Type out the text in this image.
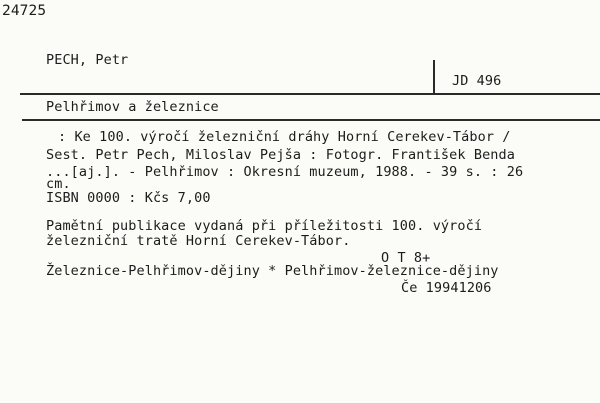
24725
PECH, Petr
JD 496
Pelhřimov a železnice
: Ke 100. výročí železniční dráhy Horní Cerekev-Tábor /
Sest. Petr Pech, Miloslav Pejša : Fotogr. František Benda
...[aj.]. - Pelhřimov : Okresní muzeum, 1988. - 39 s. : 26
cm.
ISBN 0000 : Kčs 7,00
Pamětní publikace vydaná při příležitosti 100. výročí
železniční tratě Horní Cerekev-Tábor.
O T 8+
Železnice-Pelhřimov-dějiny * Pelhřimov-železnice-dějiny
Če 19941206
